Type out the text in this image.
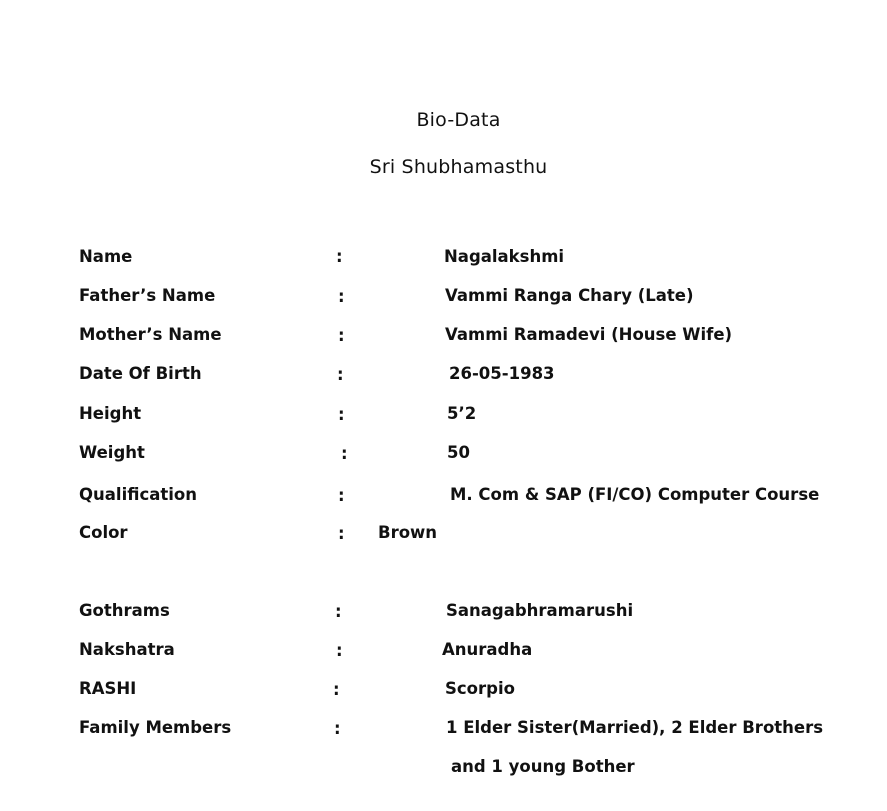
Bio-Data
Sri Shubhamasthu
Name	:	Nagalakshmi
Father’s Name	:	Vammi Ranga Chary (Late)
Mother’s Name	:	Vammi Ramadevi (House Wife)
Date Of Birth	:	26-05-1983
Height	:	5’2
Weight	:	50
Qualification	:	M. Com & SAP (FI/CO) Computer Course
Color	: Brown
Gothrams	:	Sanagabhramarushi
Nakshatra	:	Anuradha
RASHI	:	Scorpio
Family Members	:	1 Elder Sister(Married), 2 Elder Brothers
and 1 young Bother
